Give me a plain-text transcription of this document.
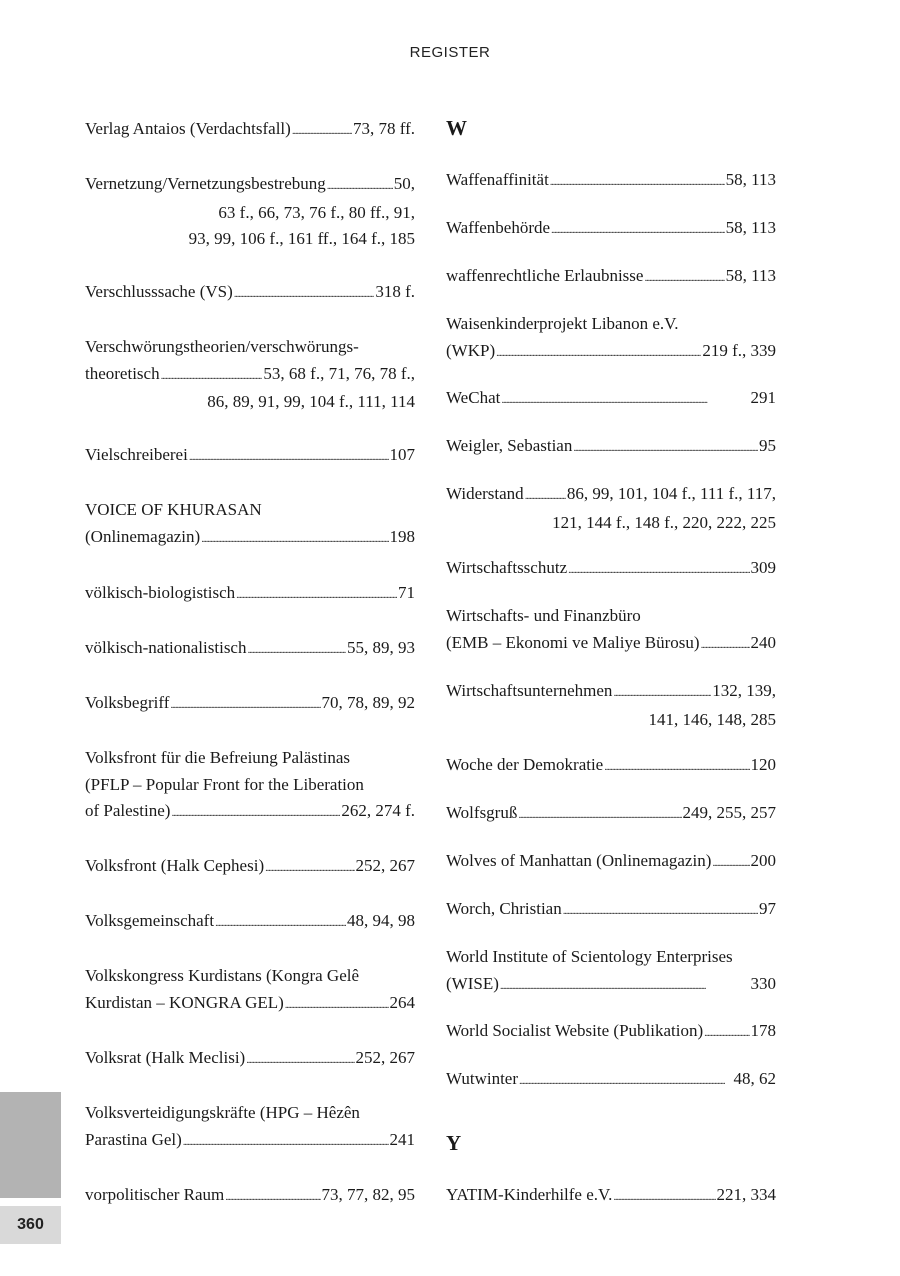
REGISTER
Verlag Antaios (Verdachtsfall) . . .	73, 78 ff.
Vernetzung/Vernetzungsbestrebung . . .	50,
63 f., 66, 73, 76 f., 80 ff., 91,
93, 99, 106 f., 161 ff., 164 f., 185
Verschlusssache (VS) . . .	318 f.
Verschwörungstheorien/verschwörungs-
theoretisch . . .	53, 68 f., 71, 76, 78 f.,
86, 89, 91, 99, 104 f., 111, 114
Vielschreiberei . . .	107
VOICE OF KHURASAN
(Onlinemagazin) . . .	198
völkisch-biologistisch . . .	71
völkisch-nationalistisch . . .	55, 89, 93
Volksbegriff . . .	70, 78, 89, 92
Volksfront für die Befreiung Palästinas
(PFLP – Popular Front for the Liberation
of Palestine) . . .	262, 274 f.
Volksfront (Halk Cephesi) . . .	252, 267
Volksgemeinschaft . . .	48, 94, 98
Volkskongress Kurdistans (Kongra Gelê
Kurdistan – KONGRA GEL) . . .	264
Volksrat (Halk Meclisi) . . .	252, 267
Volksverteidigungskräfte (HPG – Hêzên
Parastina Gel) . . .	241
vorpolitischer Raum . . .	73, 77, 82, 95
W
Y
Waffenaffinität . . .	58, 113
Waffenbehörde . . .	58, 113
waffenrechtliche Erlaubnisse . . .	58, 113
Waisenkinderprojekt Libanon e.V.
(WKP) . . .	219 f., 339
WeChat . . .	291
Weigler, Sebastian . . .	95
Widerstand . . .	86, 99, 101, 104 f., 111 f., 117,
121, 144 f., 148 f., 220, 222, 225
Wirtschaftsschutz . . .	309
Wirtschafts- und Finanzbüro
(EMB – Ekonomi ve Maliye Bürosu) . . .	240
Wirtschaftsunternehmen . . .	132, 139,
141, 146, 148, 285
Woche der Demokratie . . .	120
Wolfsgruß . . .	249, 255, 257
Wolves of Manhattan (Onlinemagazin) . . . 200
Worch, Christian . . .	97
World Institute of Scientology Enterprises
(WISE) . . .	330
World Socialist Website (Publikation) . . .	178
Wutwinter . . .	48, 62
YATIM-Kinderhilfe e.V. . . .	221, 334
360
